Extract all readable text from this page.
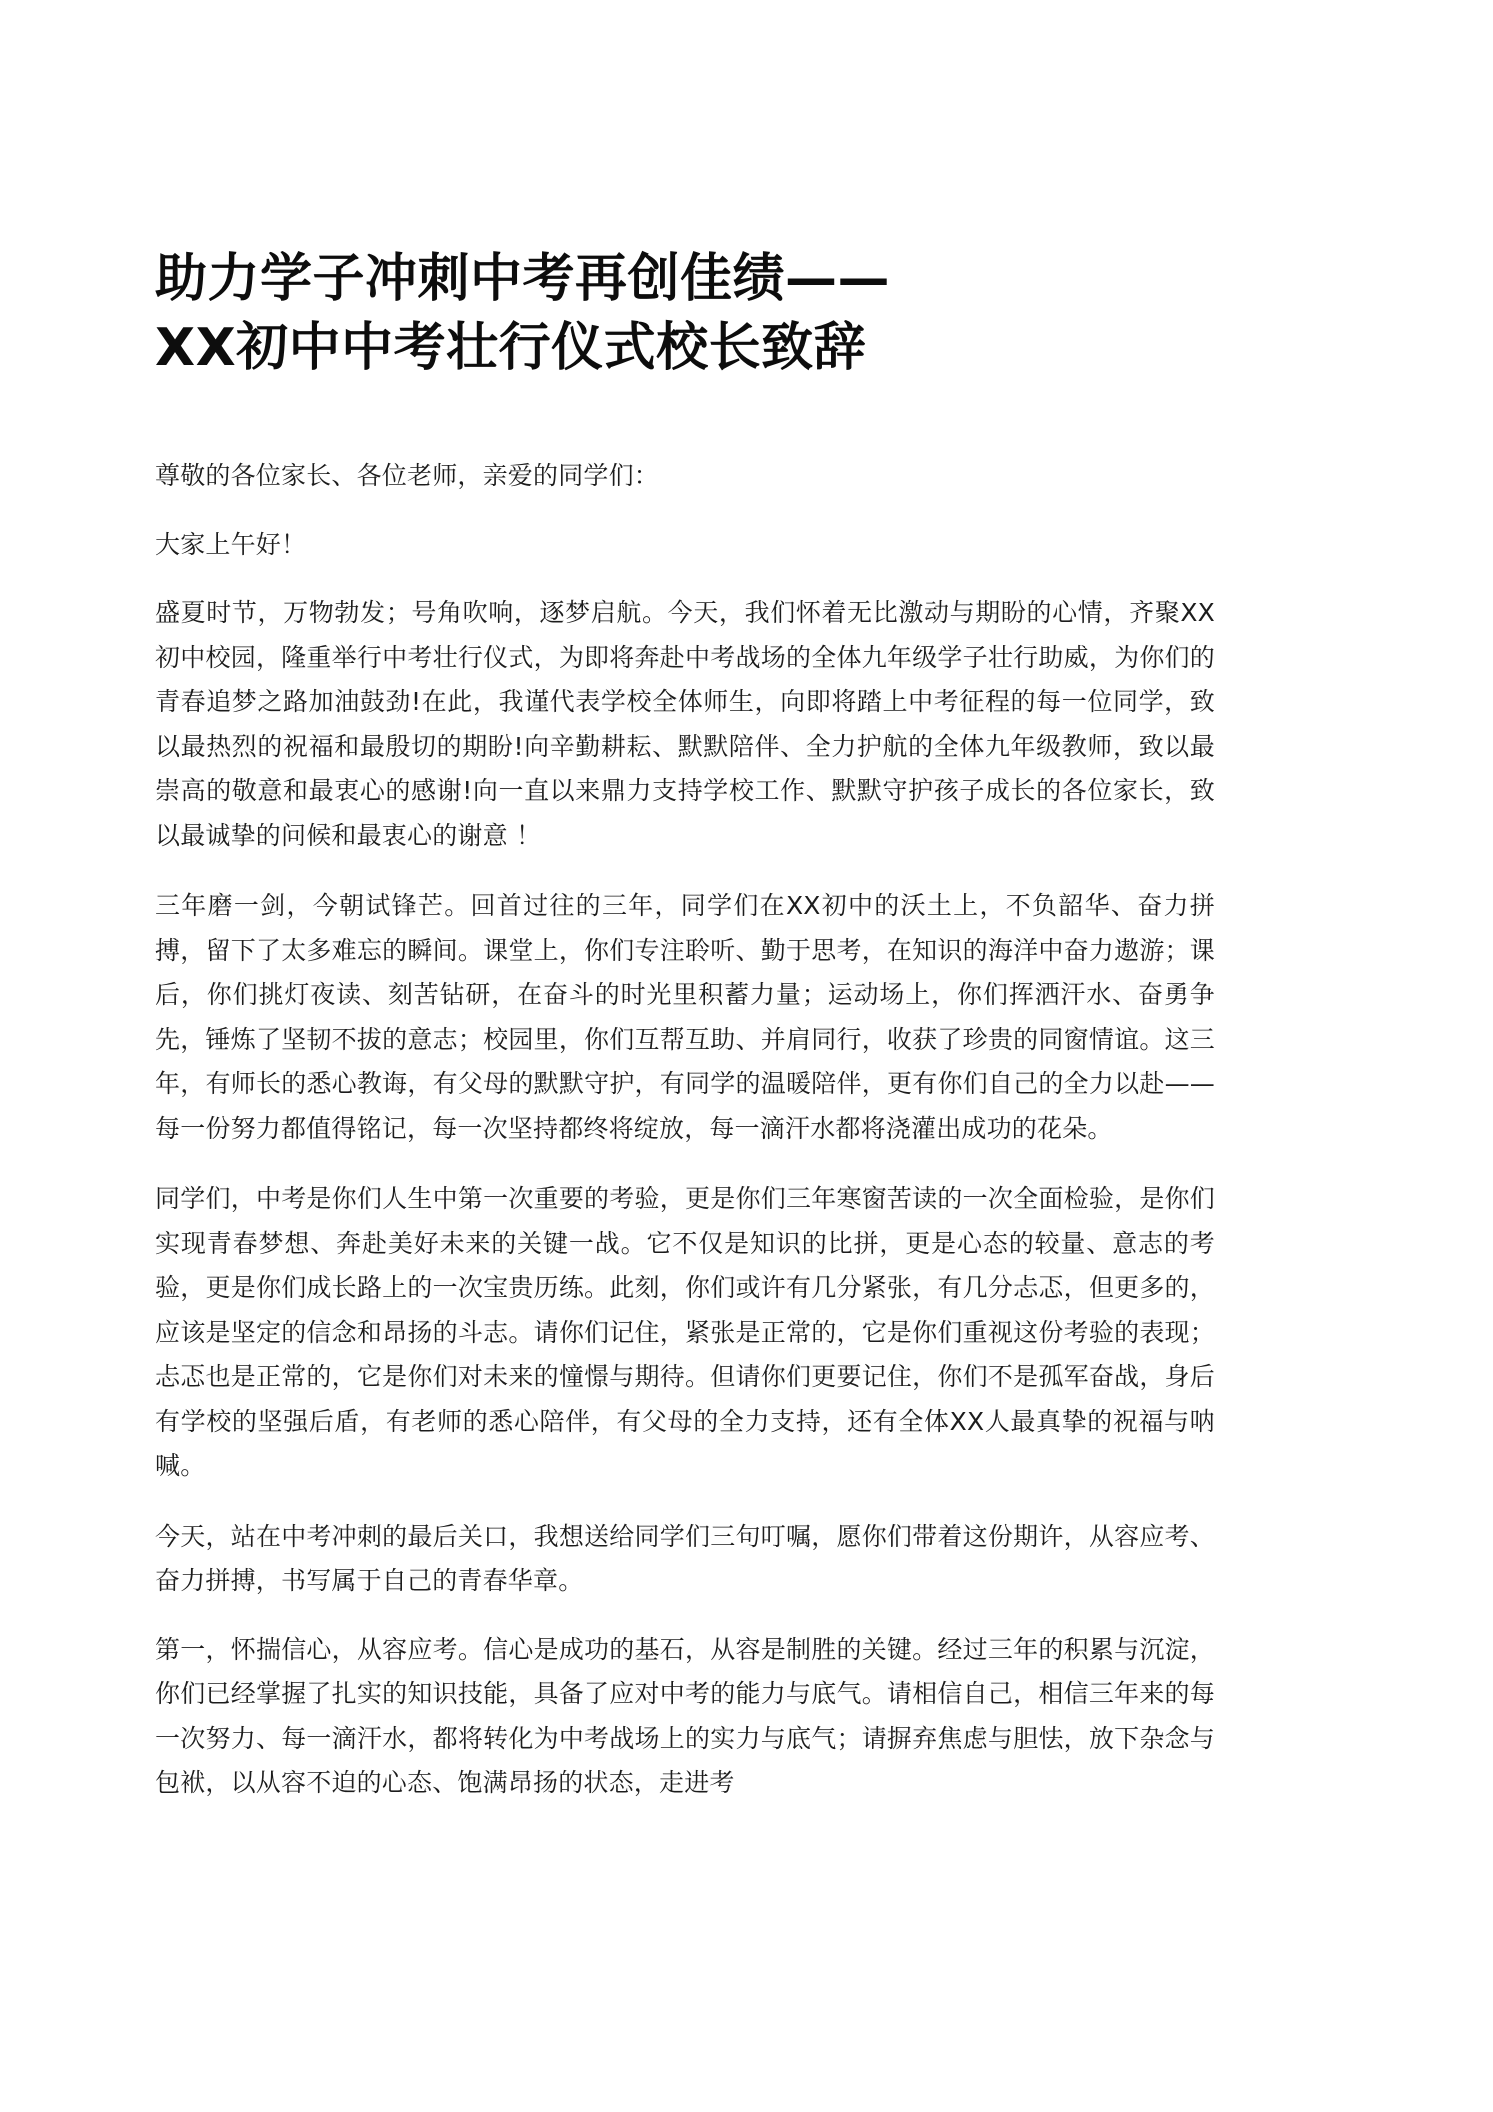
助力学子冲刺中考再创佳绩——
XX初中中考壮行仪式校长致辞

尊敬的各位家长、各位老师，亲爱的同学们：

大家上午好！

盛夏时节，万物勃发；号角吹响，逐梦启航。今天，我们怀着无比激动与期盼的心情，齐聚XX初中校园，隆重举行中考壮行仪式，为即将奔赴中考战场的全体九年级学子壮行助威，为你们的青春追梦之路加油鼓劲!在此，我谨代表学校全体师生，向即将踏上中考征程的每一位同学，致以最热烈的祝福和最殷切的期盼!向辛勤耕耘、默默陪伴、全力护航的全体九年级教师，致以最崇高的敬意和最衷心的感谢!向一直以来鼎力支持学校工作、默默守护孩子成长的各位家长，致以最诚挚的问候和最衷心的谢意 ！

三年磨一剑，今朝试锋芒。回首过往的三年，同学们在XX初中的沃土上，不负韶华、奋力拼搏，留下了太多难忘的瞬间。课堂上，你们专注聆听、勤于思考，在知识的海洋中奋力遨游；课后，你们挑灯夜读、刻苦钻研，在奋斗的时光里积蓄力量；运动场上，你们挥洒汗水、奋勇争先，锤炼了坚韧不拔的意志；校园里，你们互帮互助、并肩同行，收获了珍贵的同窗情谊。这三年，有师长的悉心教诲，有父母的默默守护，有同学的温暖陪伴，更有你们自己的全力以赴——每一份努力都值得铭记，每一次坚持都终将绽放，每一滴汗水都将浇灌出成功的花朵。

同学们，中考是你们人生中第一次重要的考验，更是你们三年寒窗苦读的一次全面检验，是你们实现青春梦想、奔赴美好未来的关键一战。它不仅是知识的比拼，更是心态的较量、意志的考验，更是你们成长路上的一次宝贵历练。此刻，你们或许有几分紧张，有几分忐忑，但更多的，应该是坚定的信念和昂扬的斗志。请你们记住，紧张是正常的，它是你们重视这份考验的表现；忐忑也是正常的，它是你们对未来的憧憬与期待。但请你们更要记住，你们不是孤军奋战，身后有学校的坚强后盾，有老师的悉心陪伴，有父母的全力支持，还有全体XX人最真挚的祝福与呐喊。

今天，站在中考冲刺的最后关口，我想送给同学们三句叮嘱，愿你们带着这份期许，从容应考、奋力拼搏，书写属于自己的青春华章。

第一，怀揣信心，从容应考。信心是成功的基石，从容是制胜的关键。经过三年的积累与沉淀，你们已经掌握了扎实的知识技能，具备了应对中考的能力与底气。请相信自己，相信三年来的每一次努力、每一滴汗水，都将转化为中考战场上的实力与底气；请摒弃焦虑与胆怯，放下杂念与包袱，以从容不迫的心态、饱满昂扬的状态，走进考
